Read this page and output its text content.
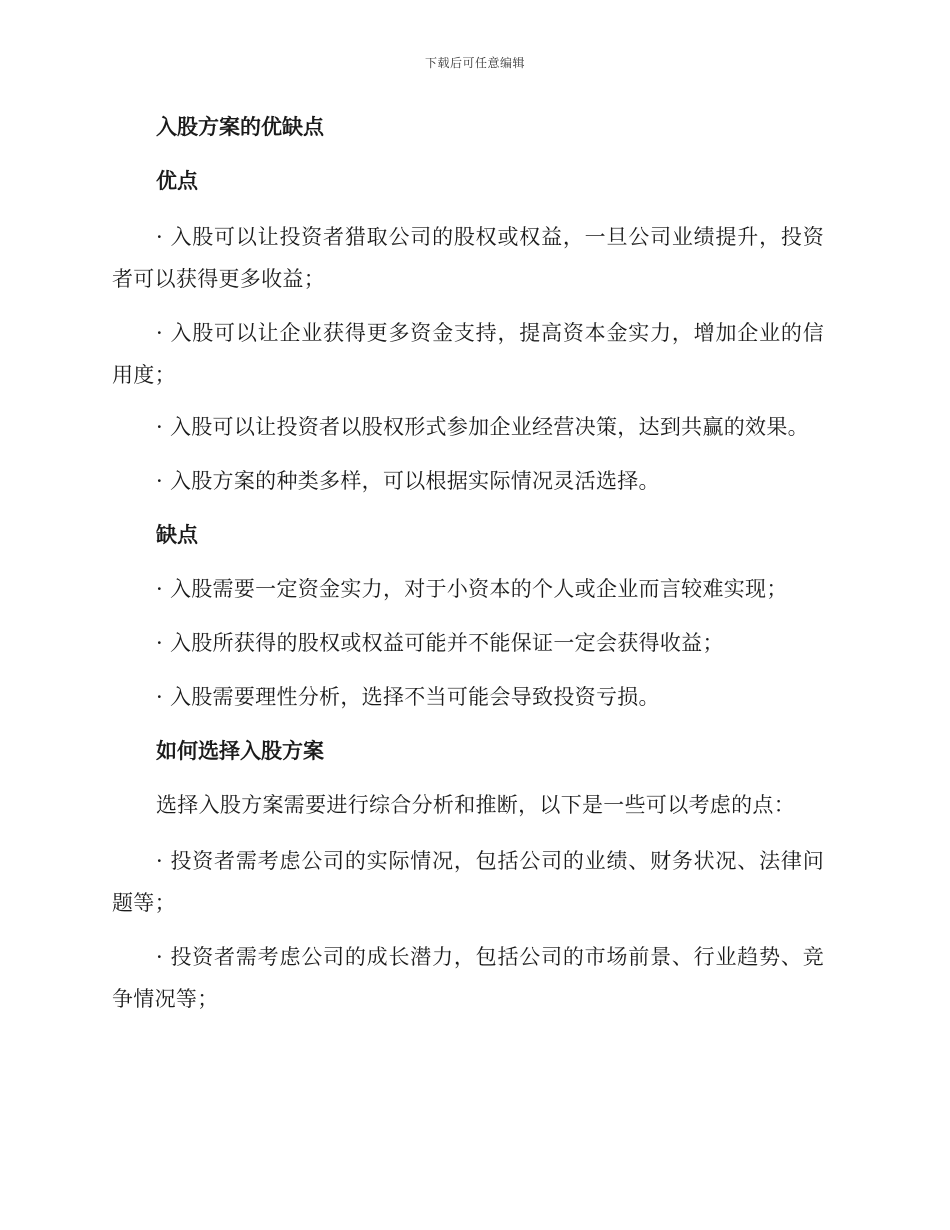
下载后可任意编辑
入股方案的优缺点
优点

· 入股可以让投资者猎取公司的股权或权益，一旦公司业绩提升，投资者可以获得更多收益；

· 入股可以让企业获得更多资金支持，提高资本金实力，增加企业的信用度；

· 入股可以让投资者以股权形式参加企业经营决策，达到共赢的效果。

· 入股方案的种类多样，可以根据实际情况灵活选择。

缺点

· 入股需要一定资金实力，对于小资本的个人或企业而言较难实现；

· 入股所获得的股权或权益可能并不能保证一定会获得收益；

· 入股需要理性分析，选择不当可能会导致投资亏损。

如何选择入股方案

选择入股方案需要进行综合分析和推断，以下是一些可以考虑的点：

· 投资者需考虑公司的实际情况，包括公司的业绩、财务状况、法律问题等；

· 投资者需考虑公司的成长潜力，包括公司的市场前景、行业趋势、竞争情况等；
